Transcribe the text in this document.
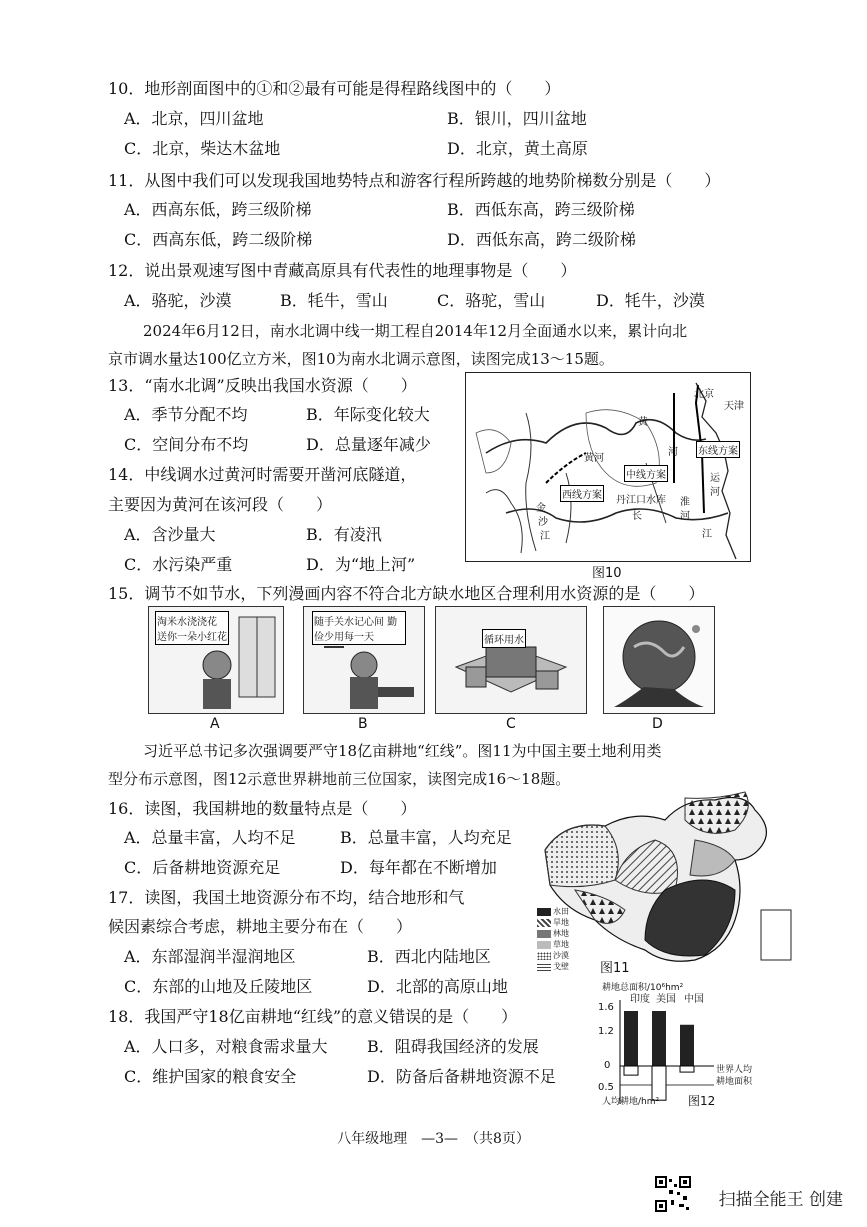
10．地形剖面图中的①和②最有可能是得程路线图中的（　　）
A．北京，四川盆地	B．银川，四川盆地
C．北京，柴达木盆地	D．北京，黄土高原
11．从图中我们可以发现我国地势特点和游客行程所跨越的地势阶梯数分别是（　　）
A．西高东低，跨三级阶梯	B．西低东高，跨三级阶梯
C．西高东低，跨二级阶梯	D．西低东高，跨二级阶梯
12．说出景观速写图中青藏高原具有代表性的地理事物是（　　）
A．骆驼，沙漠	B．牦牛，雪山	C．骆驼，雪山	D．牦牛，沙漠
2024年6月12日，南水北调中线一期工程自2014年12月全面通水以来，累计向北
京市调水量达100亿立方米，图10为南水北调示意图，读图完成13～15题。
13．“南水北调”反映出我国水资源（　　）
A．季节分配不均	B．年际变化较大
C．空间分布不均	D．总量逐年减少
14．中线调水过黄河时需要开凿河底隧道，
主要因为黄河在该河段（　　）
A．含沙量大	B．有凌汛
C．水污染严重	D．为“地上河”
北京
天津
黄
河
黄河
东线方案
中线方案
西线方案 丹江口水库
金
沙
江
长
淮
河
江
运
河
图10
15．调节不如节水，下列漫画内容不符合北方缺水地区合理利用水资源的是（　　）
淘米水浇浇花 送你一朵小红花
随手关水记心间 勤俭少用每一天	循环用水
A	B	C	D
习近平总书记多次强调要严守18亿亩耕地“红线”。图11为中国主要土地利用类
型分布示意图，图12示意世界耕地前三位国家，读图完成16～18题。
16．读图，我国耕地的数量特点是（　　）
A．总量丰富，人均不足	B．总量丰富，人均充足
C．后备耕地资源充足	D．每年都在不断增加
17．读图，我国土地资源分布不均，结合地形和气
候因素综合考虑，耕地主要分布在（　　）
A．东部湿润半湿润地区	B．西北内陆地区
C．东部的山地及丘陵地区	D．北部的高原山地
18．我国严守18亿亩耕地“红线”的意义错误的是（　　）
A．人口多，对粮食需求量大 B．阻碍我国经济的发展
C．维护国家的粮食安全	D．防备后备耕地资源不足
水田
旱地
林地
草地
沙漠
戈壁 图11
耕地总面积/10⁶hm²
印度 美国 中国
1.6
1.2
0
0.5
世界人均
耕地面积
人均耕地/hm² 图12
八年级地理　—3—　（共8页）
扫描全能王 创建
